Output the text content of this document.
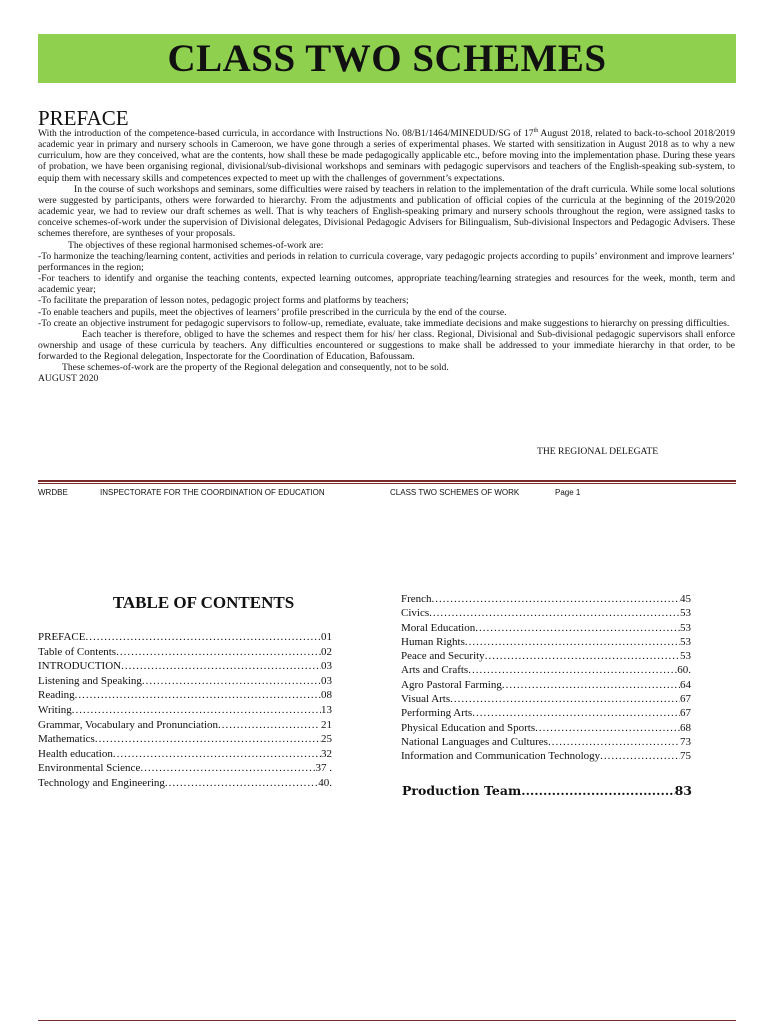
CLASS TWO SCHEMES
PREFACE

With the introduction of the competence-based curricula, in accordance with Instructions No. 08/B1/1464/MINEDUD/SG of 17th August 2018, related to back-to-school 2018/2019 academic year in primary and nursery schools in Cameroon, we have gone through a series of experimental phases. We started with sensitization in August 2018 as to why a new curriculum, how are they conceived, what are the contents, how shall these be made pedagogically applicable etc., before moving into the implementation phase. During these years of probation, we have been organising regional, divisional/sub-divisional workshops and seminars with pedagogic supervisors and teachers of the English-speaking sub-system, to equip them with necessary skills and competences expected to meet up with the challenges of government’s expectations.

In the course of such workshops and seminars, some difficulties were raised by teachers in relation to the implementation of the draft curricula. While some local solutions were suggested by participants, others were forwarded to hierarchy. From the adjustments and publication of official copies of the curricula at the beginning of the 2019/2020 academic year, we had to review our draft schemes as well. That is why teachers of English-speaking primary and nursery schools throughout the region, were assigned tasks to conceive schemes-of-work under the supervision of Divisional delegates, Divisional Pedagogic Advisers for Bilingualism, Sub-divisional Inspectors and Pedagogic Advisers. These schemes therefore, are syntheses of your proposals.

The objectives of these regional harmonised schemes-of-work are:

-To harmonize the teaching/learning content, activities and periods in relation to curricula coverage, vary pedagogic projects according to pupils’ environment and improve learners’ performances in the region;

-For teachers to identify and organise the teaching contents, expected learning outcomes, appropriate teaching/learning strategies and resources for the week, month, term and academic year;

-To facilitate the preparation of lesson notes, pedagogic project forms and platforms by teachers;

-To enable teachers and pupils, meet the objectives of learners’ profile prescribed in the curricula by the end of the course.

-To create an objective instrument for pedagogic supervisors to follow-up, remediate, evaluate, take immediate decisions and make suggestions to hierarchy on pressing difficulties.

Each teacher is therefore, obliged to have the schemes and respect them for his/ her class. Regional, Divisional and Sub-divisional pedagogic supervisors shall enforce ownership and usage of these curricula by teachers. Any difficulties encountered or suggestions to make shall be addressed to your immediate hierarchy in that order, to be forwarded to the Regional delegation, Inspectorate for the Coordination of Education, Bafoussam.

These schemes-of-work are the property of the Regional delegation and consequently, not to be sold.

AUGUST 2020

THE REGIONAL DELEGATE
WRDBE	INSPECTORATE FOR THE COORDINATION OF EDUCATION	CLASS TWO SCHEMES OF WORK	Page 1
TABLE OF CONTENTS
PREFACE .....	01
Table of Contents .....	02
INTRODUCTION .....	03
Listening and Speaking .....	03
Reading .....	08
Writing .....	13
Grammar, Vocabulary and Pronunciation .....	. 21
Mathematics .....	25
Health education .....	32
Environmental Science .....	37 .
Technology and Engineering .....	40.
French .....	45
Civics .....	53
Moral Education .....	53
Human Rights .....	53
Peace and Security .....	53
Arts and Crafts .....	60.
Agro Pastoral Farming .....	64
Visual Arts .....	67
Performing Arts .....	67
Physical Education and Sports .....	68
National Languages and Cultures .....	73
Information and Communication Technology .....	75
Production Team .....	83
